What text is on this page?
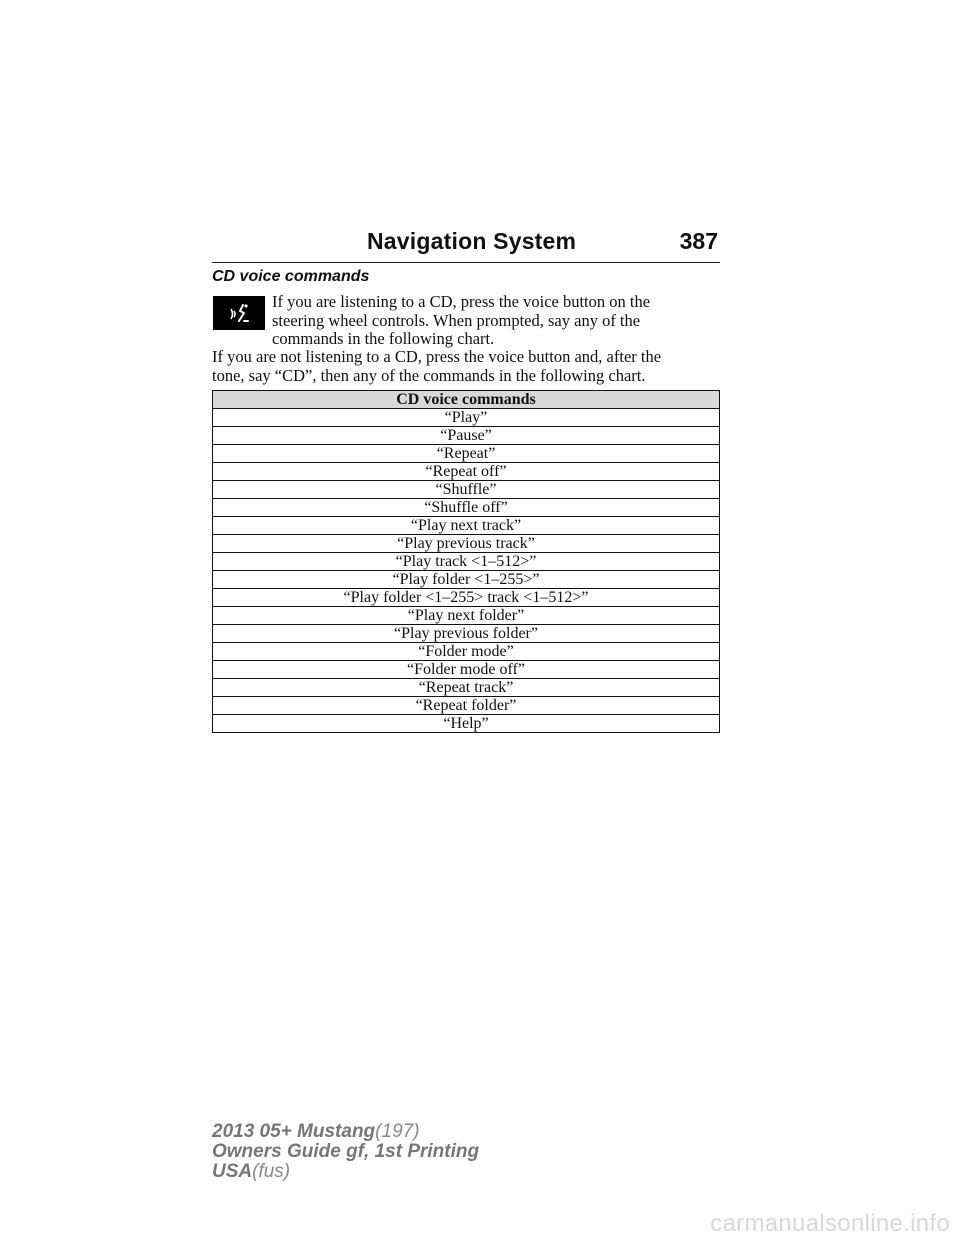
Navigation System	387
CD voice commands
If you are listening to a CD, press the voice button on the
steering wheel controls. When prompted, say any of the
commands in the following chart.
If you are not listening to a CD, press the voice button and, after the
tone, say “CD”, then any of the commands in the following chart.
CD voice commands
“Play”
“Pause”
“Repeat”
“Repeat off”
“Shuffle”
“Shuffle off”
“Play next track”
“Play previous track”
“Play track <1–512>”
“Play folder <1–255>”
“Play folder <1–255> track <1–512>”
“Play next folder”
“Play previous folder”
“Folder mode”
“Folder mode off”
“Repeat track”
“Repeat folder”
“Help”
2013 05+ Mustang(197)
Owners Guide gf, 1st Printing
USA(fus)
carmanualsonline.info
